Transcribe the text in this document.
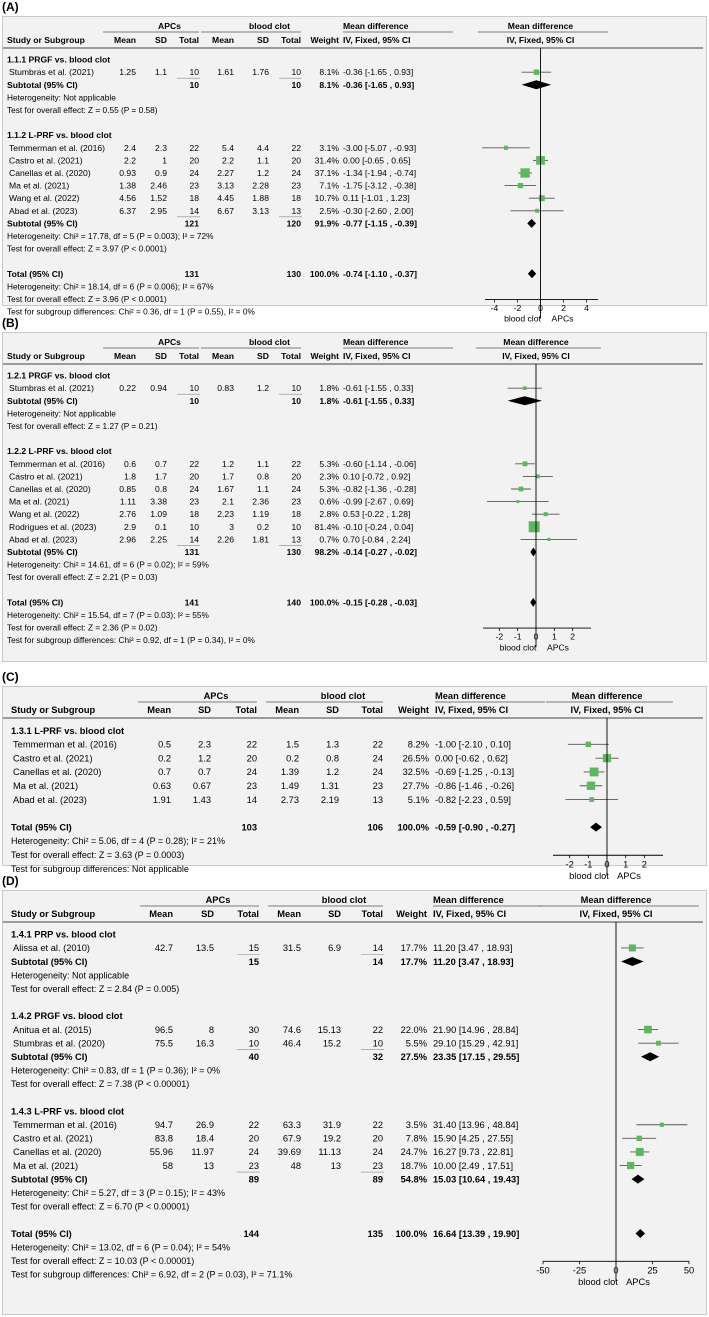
(A)
APCs	blood clot	Mean difference	Mean difference
Study or Subgroup	Mean SD Total Mean	SD Total Weight IV, Fixed, 95% CI	IV, Fixed, 95% CI
1.1.1 PRGF vs. blood clot
Stumbras et al. (2021)	1.25 1.1	10 1.61 1.76	10 8.1% -0.36 [-1.65 , 0.93]
Subtotal (95% CI)	10	10 8.1% -0.36 [-1.65 , 0.93]
Heterogeneity: Not applicable
Test for overall effect: Z = 0.55 (P = 0.58)
1.1.2 L-PRF vs. blood clot
Temmerman et al. (2016) 2.4 2.3	22	5.4	4.4	22 3.1% -3.00 [-5.07 , -0.93]
Castro et al. (2021)	2.2	1	20	2.2	1.1	20 31.4% 0.00 [-0.65 , 0.65]
Canellas et al. (2020)	0.93 0.9	24 2.27	1.2	24 37.1% -1.34 [-1.94 , -0.74]
Ma et al. (2021)	1.38 2.46	23 3.13 2.28	23 7.1% -1.75 [-3.12 , -0.38]
Wang et al. (2022)	4.56 1.52	18 4.45 1.88	18 10.7% 0.11 [-1.01 , 1.23]
Abad et al. (2023)	6.37 2.95	14 6.67 3.13	13 2.5% -0.30 [-2.60 , 2.00]
Subtotal (95% CI)	121	120 91.9% -0.77 [-1.15 , -0.39]
Heterogeneity: Chi² = 17.78, df = 5 (P = 0.003); I² = 72%
Test for overall effect: Z = 3.97 (P < 0.0001)
Total (95% CI)	131	130 100.0% -0.74 [-1.10 , -0.37]
Heterogeneity: Chi² = 18.14, df = 6 (P = 0.006); I² = 67%
Test for overall effect: Z = 3.96 (P < 0.0001)
Test for subgroup differences: Chi² = 0.36, df = 1 (P = 0.55), I² = 0%	-4 -2 0 2 4
blood clot APCs
(B)
APCs	blood clot	Mean difference	Mean difference
Study or Subgroup	Mean SD Total Mean	SD Total Weight IV, Fixed, 95% CI	IV, Fixed, 95% CI
1.2.1 PRGF vs. blood clot
Stumbras et al. (2021)	0.22 0.94	10 0.83	1.2	10 1.8% -0.61 [-1.55 , 0.33]
Subtotal (95% CI)	10	10 1.8% -0.61 [-1.55 , 0.33]
Heterogeneity: Not applicable
Test for overall effect: Z = 1.27 (P = 0.21)
1.2.2 L-PRF vs. blood clot
Temmerman et al. (2016) 0.6 0.7	22	1.2	1.1	22 5.3% -0.60 [-1.14 , -0.06]
Castro et al. (2021)	1.8 1.7	20	1.7	0.8	20 2.3% 0.10 [-0.72 , 0.92]
Canellas et al. (2020)	0.85 0.8	24 1.67	1.1	24 5.3% -0.82 [-1.36 , -0.28]
Ma et al. (2021)	1.11 3.38	23	2.1 2.36	23 0.6% -0.99 [-2.67 , 0.69]
Wang et al. (2022)	2.76 1.09	18 2.23 1.19	18 2.8% 0.53 [-0.22 , 1.28]
Rodrigues et al. (2023)	2.9 0.1	10	3	0.2	10 81.4% -0.10 [-0.24 , 0.04]
Abad et al. (2023)	2.96 2.25	14 2.26 1.81	13 0.7% 0.70 [-0.84 , 2.24]
Subtotal (95% CI)	131	130 98.2% -0.14 [-0.27 , -0.02]
Heterogeneity: Chi² = 14.61, df = 6 (P = 0.02); I² = 59%
Test for overall effect: Z = 2.21 (P = 0.03)
Total (95% CI)	141	140 100.0% -0.15 [-0.28 , -0.03]
Heterogeneity: Chi² = 15.54, df = 7 (P = 0.03); I² = 55%
Test for overall effect: Z = 2.36 (P = 0.02)
Test for subgroup differences: Chi² = 0.92, df = 1 (P = 0.34), I² = 0%	-2 -1 0 1 2
blood clot APCs
(C)
APCs	blood clot	Mean difference	Mean difference
Study or Subgroup	Mean	SD	Total Mean	SD Total Weight IV, Fixed, 95% CI	IV, Fixed, 95% CI
1.3.1 L-PRF vs. blood clot
Temmerman et al. (2016)	0.5	2.3	22	1.5	1.3	22	8.2% -1.00 [-2.10 , 0.10]
Castro et al. (2021)	0.2	1.2	20	0.2	0.8	24 26.5% 0.00 [-0.62 , 0.62]
Canellas et al. (2020)	0.7	0.7	24	1.39	1.2	24 32.5% -0.69 [-1.25 , -0.13]
Ma et al. (2021)	0.63 0.67	23	1.49 1.31	23 27.7% -0.86 [-1.46 , -0.26]
Abad et al. (2023)	1.91 1.43	14	2.73 2.19	13	5.1% -0.82 [-2.23 , 0.59]
Total (95% CI)	103	106 100.0% -0.59 [-0.90 , -0.27]
Heterogeneity: Chi² = 5.06, df = 4 (P = 0.28); I² = 21%
Test for overall effect: Z = 3.63 (P = 0.0003)
Test for subgroup differences: Not applicable	-2 -1 0 1 2
blood clot APCs
(D)
APCs	blood clot	Mean difference	Mean difference
Study or Subgroup	Mean	SD	Total Mean	SD Total Weight IV, Fixed, 95% CI	IV, Fixed, 95% CI
1.4.1 PRP vs. blood clot
Alissa et al. (2010)	42.7 13.5	15	31.5	6.9	14 17.7% 11.20 [3.47 , 18.93]
Subtotal (95% CI)	15	14 17.7% 11.20 [3.47 , 18.93]
Heterogeneity: Not applicable
Test for overall effect: Z = 2.84 (P = 0.005)
1.4.2 PRGF vs. blood clot
Anitua et al. (2015)	96.5	8	30	74.6 15.13	22 22.0% 21.90 [14.96 , 28.84]
Stumbras et al. (2020)	75.5 16.3	10	46.4 15.2	10 5.5% 29.10 [15.29 , 42.91]
Subtotal (95% CI)	40	32 27.5% 23.35 [17.15 , 29.55]
Heterogeneity: Chi² = 0.83, df = 1 (P = 0.36); I² = 0%
Test for overall effect: Z = 7.38 (P < 0.00001)
1.4.3 L-PRF vs. blood clot
Temmerman et al. (2016)	94.7 26.9	22	63.3 31.9	22 3.5% 31.40 [13.96 , 48.84]
Castro et al. (2021)	83.8 18.4	20	67.9 19.2	20 7.8% 15.90 [4.25 , 27.55]
Canellas et al. (2020)	55.96 11.97	24 39.69 11.13	24 24.7% 16.27 [9.73 , 22.81]
Ma et al. (2021)	58	13	23	48	13	23 18.7% 10.00 [2.49 , 17.51]
Subtotal (95% CI)	89	89 54.8% 15.03 [10.64 , 19.43]
Heterogeneity: Chi² = 5.27, df = 3 (P = 0.15); I² = 43%
Test for overall effect: Z = 6.70 (P < 0.00001)
Total (95% CI)	144	135 100.0% 16.64 [13.39 , 19.90]
Heterogeneity: Chi² = 13.02, df = 6 (P = 0.04); I² = 54%
Test for overall effect: Z = 10.03 (P < 0.00001)
Test for subgroup differences: Chi² = 6.92, df = 2 (P = 0.03), I² = 71.1%	-50 -25	0	25	50
blood clot APCs
